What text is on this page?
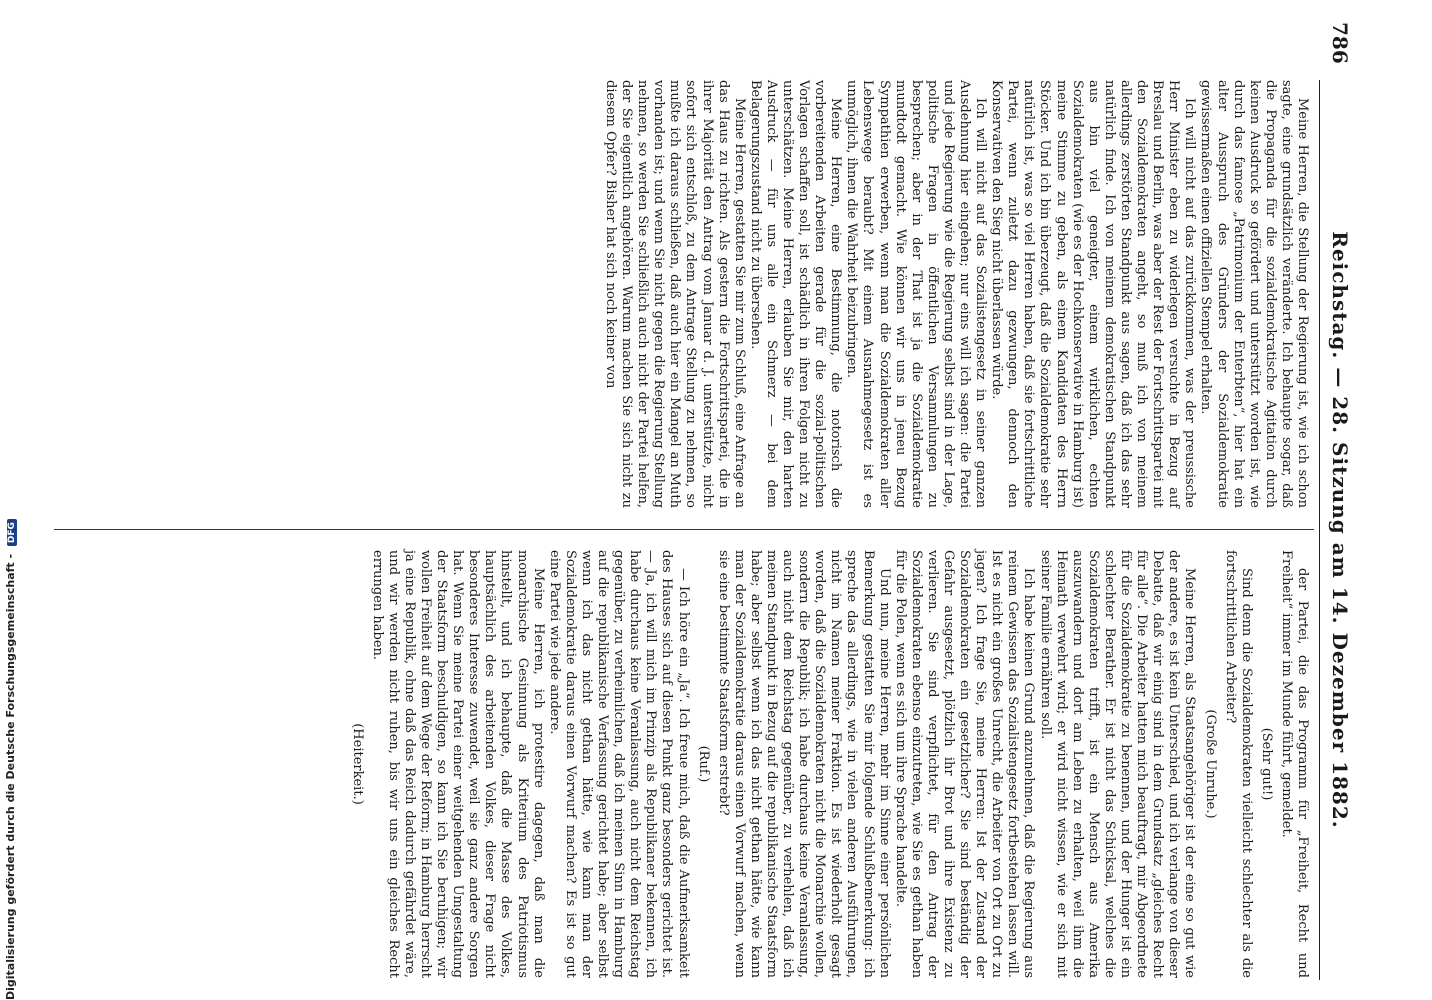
786
Reichstag. — 28. Sitzung am 14. Dezember 1882.

Meine Herren, die Stellung der Regierung ist, wie ich schon sagte, eine grundsätzlich veränderte. Ich behaupte sogar, daß die Propaganda für die sozialdemokratische Agitation durch keinen Ausdruck so gefördert und unterstützt worden ist, wie durch das famose „Patrimonium der Enterbten“, hier hat ein alter Ausspruch des Gründers der Sozialdemokratie gewissermaßen einen offiziellen Stempel erhalten.

Ich will nicht auf das zurückkommen, was der preussische Herr Minister eben zu widerlegen versuchte in Bezug auf Breslau und Berlin, was aber der Rest der Fortschrittspartei mit den Sozialdemokraten angeht, so muß ich von meinem allerdings zerstörten Standpunkt aus sagen, daß ich das sehr natürlich finde. Ich von meinem demokratischen Standpunkt aus bin viel geneigter, einem wirklichen, echten Sozialdemokraten (wie es der Hochkonservative in Hamburg ist) meine Stimme zu geben, als einem Kandidaten des Herrn Stöcker. Und ich bin überzeugt, daß die Sozialdemokratie sehr natürlich ist, was so viel Herren haben, daß sie fortschrittliche Partei, wenn zuletzt dazu gezwungen, dennoch den Konservativen den Sieg nicht überlassen würde.

Ich will nicht auf das Sozialistengesetz in seiner ganzen Ausdehnung hier eingehen; nur eins will ich sagen: die Partei und jede Regierung wie die Regierung selbst sind in der Lage, politische Fragen in öffentlichen Versammlungen zu besprechen; aber in der That ist ja die Sozialdemokratie mundtodt gemacht. Wie können wir uns in jeneu Bezug Sympathien erwerben, wenn man die Sozialdemokraten aller Lebenswege beraubt? Mit einem Ausnahmegesetz ist es unmöglich, ihnen die Wahrheit beizubringen.

Meine Herren, eine Bestimmung, die notorisch die vorbereitenden Arbeiten gerade für die sozial-politischen Vorlagen schaffen soll, ist schädlich in ihren Folgen nicht zu unterschätzen. Meine Herren, erlauben Sie mir, den harten Ausdruck — für uns alle ein Schmerz — bei dem Belagerungszustand nicht zu übersehen.

Meine Herren, gestatten Sie mir zum Schluß, eine Anfrage an das Haus zu richten. Als gestern die Fortschrittspartei, die in ihrer Majorität den Antrag vom Januar d. J. unterstützte, nicht sofort sich entschloß, zu dem Antrage Stellung zu nehmen, so mußte ich daraus schließen, daß auch hier ein Mangel an Muth vorhanden ist; und wenn Sie nicht gegen die Regierung Stellung nehmen, so werden Sie schließlich auch nicht der Partei helfen, der Sie eigentlich angehören. Warum machen Sie sich nicht zu diesem Opfer? Bisher hat sich noch keiner von

der Partei, die das Programm für „Freiheit, Recht und Freiheit“ immer im Munde führt, gemeldet.

(Sehr gut!)

Sind denn die Sozialdemokraten vielleicht schlechter als die fortschrittlichen Arbeiter?

(Große Unruhe.)

Meine Herren, als Staatsangehöriger ist der eine so gut wie der andere, es ist kein Unterschied, und ich verlange von dieser Debatte, daß wir einig sind in dem Grundsatz „gleiches Recht für alle“. Die Arbeiter hatten mich beauftragt, mir Abgeordnete für die Sozialdemokratie zu benennen, und der Hunger ist ein schlechter Berather. Er ist nicht das Schicksal, welches die Sozialdemokraten trifft, ist ein Mensch aus Amerika auszuwandern und dort am Leben zu erhalten, weil ihm die Heimath verwehrt wird; er wird nicht wissen, wie er sich mit seiner Familie ernähren soll.

Ich habe keinen Grund anzunehmen, daß die Regierung aus reinem Gewissen das Sozialistengesetz fortbestehen lassen will. Ist es nicht ein großes Unrecht, die Arbeiter von Ort zu Ort zu jagen? Ich frage Sie, meine Herren: Ist der Zustand der Sozialdemokraten ein gesetzlicher? Sie sind beständig der Gefahr ausgesetzt, plötzlich ihr Brot und ihre Existenz zu verlieren. Sie sind verpflichtet, für den Antrag der Sozialdemokraten ebenso einzutreten, wie Sie es gethan haben für die Polen, wenn es sich um ihre Sprache handelte.

Und nun, meine Herren, mehr im Sinne einer persönlichen Bemerkung gestatten Sie mir folgende Schlußbemerkung: ich spreche das allerdings, wie in vielen anderen Ausführungen, nicht im Namen meiner Fraktion. Es ist wiederholt gesagt worden, daß die Sozialdemokraten nicht die Monarchie wollen, sondern die Republik; ich habe durchaus keine Veranlassung, auch nicht dem Reichstag gegenüber, zu verhehlen, daß ich meinen Standpunkt in Bezug auf die republikanische Staatsform habe; aber selbst wenn ich das nicht gethan hätte, wie kann man der Sozialdemokratie daraus einen Vorwurf machen, wenn sie eine bestimmte Staatsform erstrebt?

(Ruf.)

— Ich höre ein „Ja“. Ich freue mich, daß die Aufmerksamkeit des Hauses sich auf diesen Punkt ganz besonders gerichtet ist. — Ja, ich will mich im Prinzip als Republikaner bekennen, ich habe durchaus keine Veranlassung, auch nicht dem Reichstag gegenüber, zu verheimlichen, daß ich meinen Sinn in Hamburg auf die republikanische Verfassung gerichtet habe; aber selbst wenn ich das nicht gethan hätte, wie kann man der Sozialdemokratie daraus einen Vorwurf machen? Es ist so gut eine Partei wie jede andere.

Meine Herren, ich protestire dagegen, daß man die monarchische Gesinnung als Kriterium des Patriotismus hinstellt, und ich behaupte, daß die Masse des Volkes, hauptsächlich des arbeitenden Volkes, dieser Frage nicht besonderes Interesse zuwendet, weil sie ganz andere Sorgen hat. Wenn Sie meine Partei einer weitgehenden Umgestaltung der Staatsform beschuldigen, so kann ich Sie beruhigen; wir wollen Freiheit auf dem Wege der Reform; in Hamburg herrscht ja eine Republik, ohne daß das Reich dadurch gefährdet wäre, und wir werden nicht ruhen, bis wir uns ein gleiches Recht errungen haben.

(Heiterkeit.)

Digitalisierung gefördert durch die Deutsche Forschungsgemeinschaft - DFG
